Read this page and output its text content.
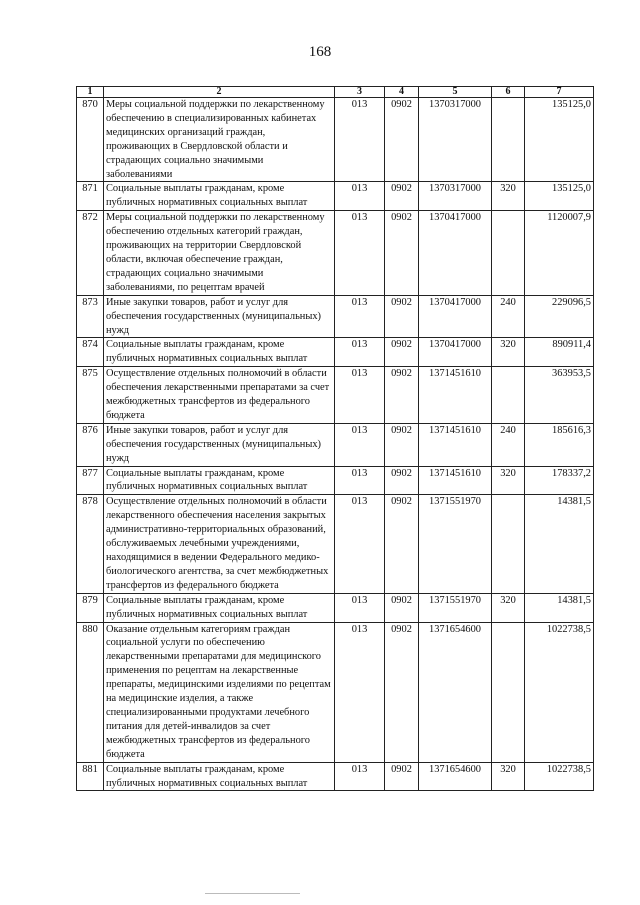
168
1	2	3	4	5	6	7
870	Меры социальной поддержки по лекарственному обеспечению в специализированных кабинетах медицинских организаций граждан, проживающих в Свердловской области и страдающих социально значимыми заболеваниями	013	0902	1370317000		135125,0
871	Социальные выплаты гражданам, кроме публичных нормативных социальных выплат	013	0902	1370317000	320	135125,0
872	Меры социальной поддержки по лекарственному обеспечению отдельных категорий граждан, проживающих на территории Свердловской области, включая обеспечение граждан, страдающих социально значимыми заболеваниями, по рецептам врачей	013	0902	1370417000		1120007,9
873	Иные закупки товаров, работ и услуг для обеспечения государственных (муниципальных) нужд	013	0902	1370417000	240	229096,5
874	Социальные выплаты гражданам, кроме публичных нормативных социальных выплат	013	0902	1370417000	320	890911,4
875	Осуществление отдельных полномочий в области обеспечения лекарственными препаратами за счет межбюджетных трансфертов из федерального бюджета	013	0902	1371451610		363953,5
876	Иные закупки товаров, работ и услуг для обеспечения государственных (муниципальных) нужд	013	0902	1371451610	240	185616,3
877	Социальные выплаты гражданам, кроме публичных нормативных социальных выплат	013	0902	1371451610	320	178337,2
878	Осуществление отдельных полномочий в области лекарственного обеспечения населения закрытых административно-территориальных образований, обслуживаемых лечебными учреждениями, находящимися в ведении Федерального медико-биологического агентства, за счет межбюджетных трансфертов из федерального бюджета	013	0902	1371551970		14381,5
879	Социальные выплаты гражданам, кроме публичных нормативных социальных выплат	013	0902	1371551970	320	14381,5
880	Оказание отдельным категориям граждан социальной услуги по обеспечению лекарственными препаратами для медицинского применения по рецептам на лекарственные препараты, медицинскими изделиями по рецептам на медицинские изделия, а также специализированными продуктами лечебного питания для детей-инвалидов за счет межбюджетных трансфертов из федерального бюджета	013	0902	1371654600		1022738,5
881	Социальные выплаты гражданам, кроме публичных нормативных социальных выплат	013	0902	1371654600	320	1022738,5
